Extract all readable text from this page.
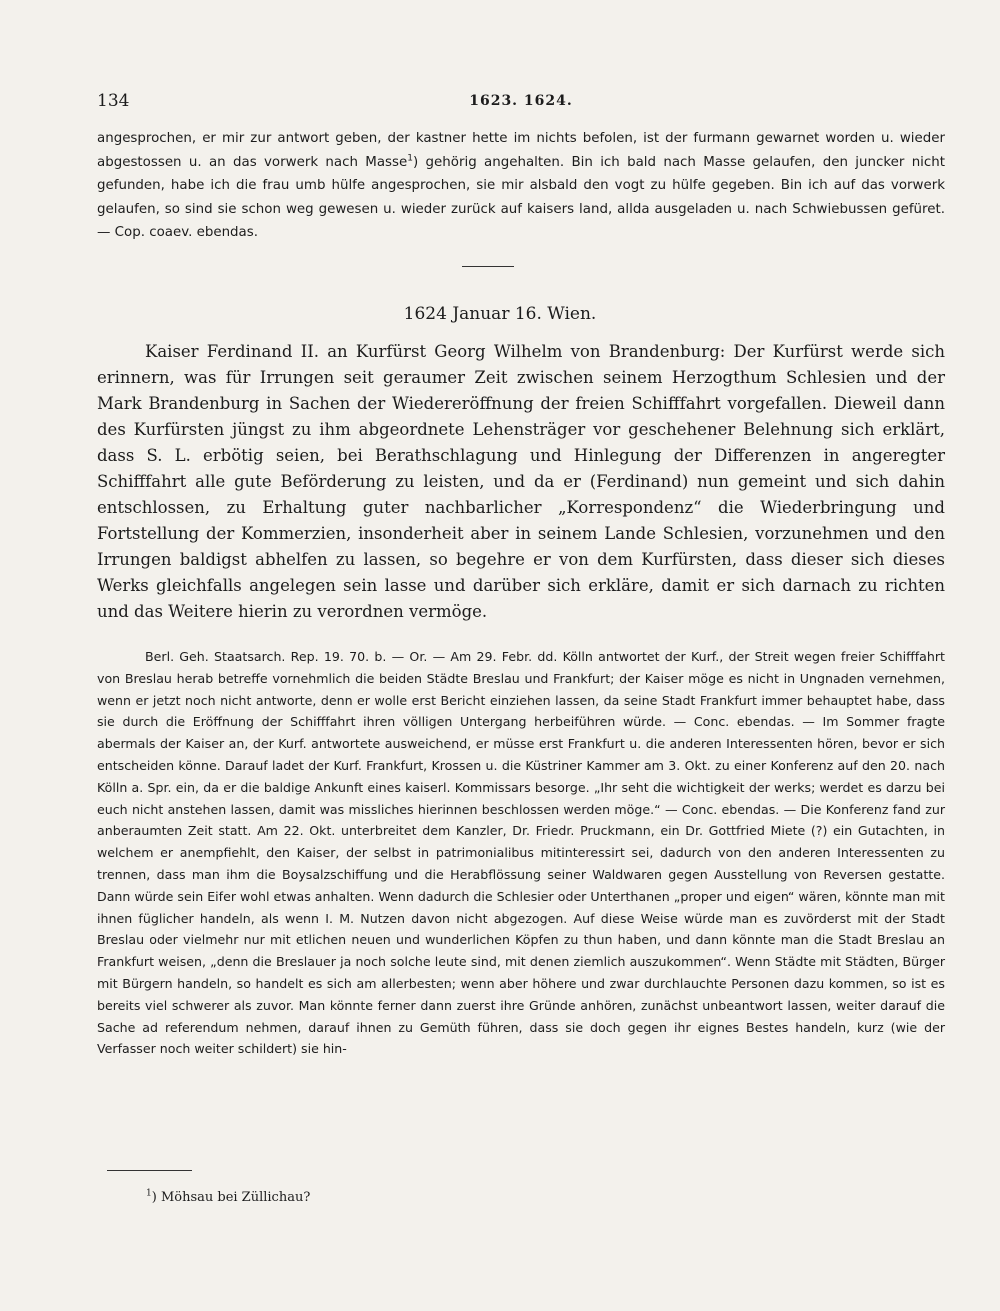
134	1623. 1624.

angesprochen, er mir zur antwort geben, der kastner hette im nichts befolen, ist der furmann gewarnet worden u. wieder abgestossen u. an das vorwerk nach Masse$^1$) gehörig angehalten. Bin ich bald nach Masse gelaufen, den juncker nicht gefunden, habe ich die frau umb hülfe angesprochen, sie mir alsbald den vogt zu hülfe gegeben. Bin ich auf das vorwerk gelaufen, so sind sie schon weg gewesen u. wieder zurück auf kaisers land, allda ausgeladen u. nach Schwiebussen gefüret. — Cop. coaev. ebendas.

1624 Januar 16. Wien.

Kaiser Ferdinand II. an Kurfürst Georg Wilhelm von Brandenburg: Der Kurfürst werde sich erinnern, was für Irrungen seit geraumer Zeit zwischen seinem Herzogthum Schlesien und der Mark Brandenburg in Sachen der Wiedereröffnung der freien Schifffahrt vorgefallen. Dieweil dann des Kurfürsten jüngst zu ihm abgeordnete Lehensträger vor geschehener Belehnung sich erklärt, dass S. L. erbötig seien, bei Berathschlagung und Hinlegung der Differenzen in angeregter Schifffahrt alle gute Beförderung zu leisten, und da er (Ferdinand) nun gemeint und sich dahin entschlossen, zu Erhaltung guter nachbarlicher „Korrespondenz“ die Wiederbringung und Fortstellung der Kommerzien, insonderheit aber in seinem Lande Schlesien, vorzunehmen und den Irrungen baldigst abhelfen zu lassen, so begehre er von dem Kurfürsten, dass dieser sich dieses Werks gleichfalls angelegen sein lasse und darüber sich erkläre, damit er sich darnach zu richten und das Weitere hierin zu verordnen vermöge.

Berl. Geh. Staatsarch. Rep. 19. 70. b. — Or. — Am 29. Febr. dd. Kölln antwortet der Kurf., der Streit wegen freier Schifffahrt von Breslau herab betreffe vornehmlich die beiden Städte Breslau und Frankfurt; der Kaiser möge es nicht in Ungnaden vernehmen, wenn er jetzt noch nicht antworte, denn er wolle erst Bericht einziehen lassen, da seine Stadt Frankfurt immer behauptet habe, dass sie durch die Eröffnung der Schifffahrt ihren völligen Untergang herbeiführen würde. — Conc. ebendas. — Im Sommer fragte abermals der Kaiser an, der Kurf. antwortete ausweichend, er müsse erst Frankfurt u. die anderen Interessenten hören, bevor er sich entscheiden könne. Darauf ladet der Kurf. Frankfurt, Krossen u. die Küstriner Kammer am 3. Okt. zu einer Konferenz auf den 20. nach Kölln a. Spr. ein, da er die baldige Ankunft eines kaiserl. Kommissars besorge. „Ihr seht die wichtigkeit der werks; werdet es darzu bei euch nicht anstehen lassen, damit was missliches hierinnen beschlossen werden möge.“ — Conc. ebendas. — Die Konferenz fand zur anberaumten Zeit statt. Am 22. Okt. unterbreitet dem Kanzler, Dr. Friedr. Pruckmann, ein Dr. Gottfried Miete (?) ein Gutachten, in welchem er anempfiehlt, den Kaiser, der selbst in patrimonialibus mitinteressirt sei, dadurch von den anderen Interessenten zu trennen, dass man ihm die Boysalzschiffung und die Herabflössung seiner Waldwaren gegen Ausstellung von Reversen gestatte. Dann würde sein Eifer wohl etwas anhalten. Wenn dadurch die Schlesier oder Unterthanen „proper und eigen“ wären, könnte man mit ihnen füglicher handeln, als wenn I. M. Nutzen davon nicht abgezogen. Auf diese Weise würde man es zuvörderst mit der Stadt Breslau oder vielmehr nur mit etlichen neuen und wunderlichen Köpfen zu thun haben, und dann könnte man die Stadt Breslau an Frankfurt weisen, „denn die Breslauer ja noch solche leute sind, mit denen ziemlich auszukommen“. Wenn Städte mit Städten, Bürger mit Bürgern handeln, so handelt es sich am allerbesten; wenn aber höhere und zwar durchlauchte Personen dazu kommen, so ist es bereits viel schwerer als zuvor. Man könnte ferner dann zuerst ihre Gründe anhören, zunächst unbeantwort lassen, weiter darauf die Sache ad referendum nehmen, darauf ihnen zu Gemüth führen, dass sie doch gegen ihr eignes Bestes handeln, kurz (wie der Verfasser noch weiter schildert) sie hin-

$^1$) Möhsau bei Züllichau?
